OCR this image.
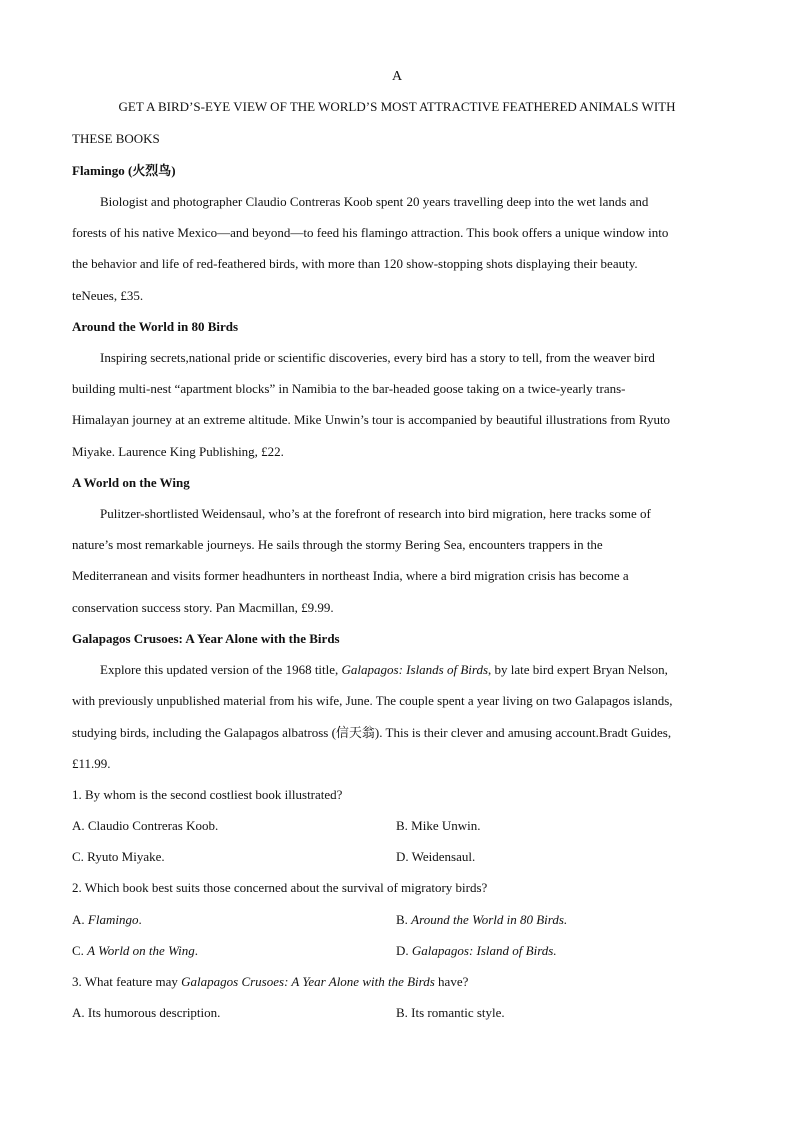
A
GET A BIRD’S-EYE VIEW OF THE WORLD’S MOST ATTRACTIVE FEATHERED ANIMALS WITH
THESE BOOKS
Flamingo (火烈鸟)
Biologist and photographer Claudio Contreras Koob spent 20 years travelling deep into the wet lands and
forests of his native Mexico—and beyond—to feed his flamingo attraction. This book offers a unique window into
the behavior and life of red-feathered birds, with more than 120 show-stopping shots displaying their beauty.
teNeues, £35.
Around the World in 80 Birds
Inspiring secrets,national pride or scientific discoveries, every bird has a story to tell, from the weaver bird
building multi-nest “apartment blocks” in Namibia to the bar-headed goose taking on a twice-yearly trans-
Himalayan journey at an extreme altitude. Mike Unwin’s tour is accompanied by beautiful illustrations from Ryuto
Miyake. Laurence King Publishing, £22.
A World on the Wing
Pulitzer-shortlisted Weidensaul, who’s at the forefront of research into bird migration, here tracks some of
nature’s most remarkable journeys. He sails through the stormy Bering Sea, encounters trappers in the
Mediterranean and visits former headhunters in northeast India, where a bird migration crisis has become a
conservation success story. Pan Macmillan, £9.99.
Galapagos Crusoes: A Year Alone with the Birds
Explore this updated version of the 1968 title, Galapagos: Islands of Birds, by late bird expert Bryan Nelson,
with previously unpublished material from his wife, June. The couple spent a year living on two Galapagos islands,
studying birds, including the Galapagos albatross (信天翁). This is their clever and amusing account.Bradt Guides,
£11.99.
1. By whom is the second costliest book illustrated?
A. Claudio Contreras Koob.	B. Mike Unwin.
C. Ryuto Miyake.	D. Weidensaul.
2. Which book best suits those concerned about the survival of migratory birds?
A. Flamingo.	B. Around the World in 80 Birds.
C. A World on the Wing.	D. Galapagos: Island of Birds.
3. What feature may Galapagos Crusoes: A Year Alone with the Birds have?
A. Its humorous description.	B. Its romantic style.
